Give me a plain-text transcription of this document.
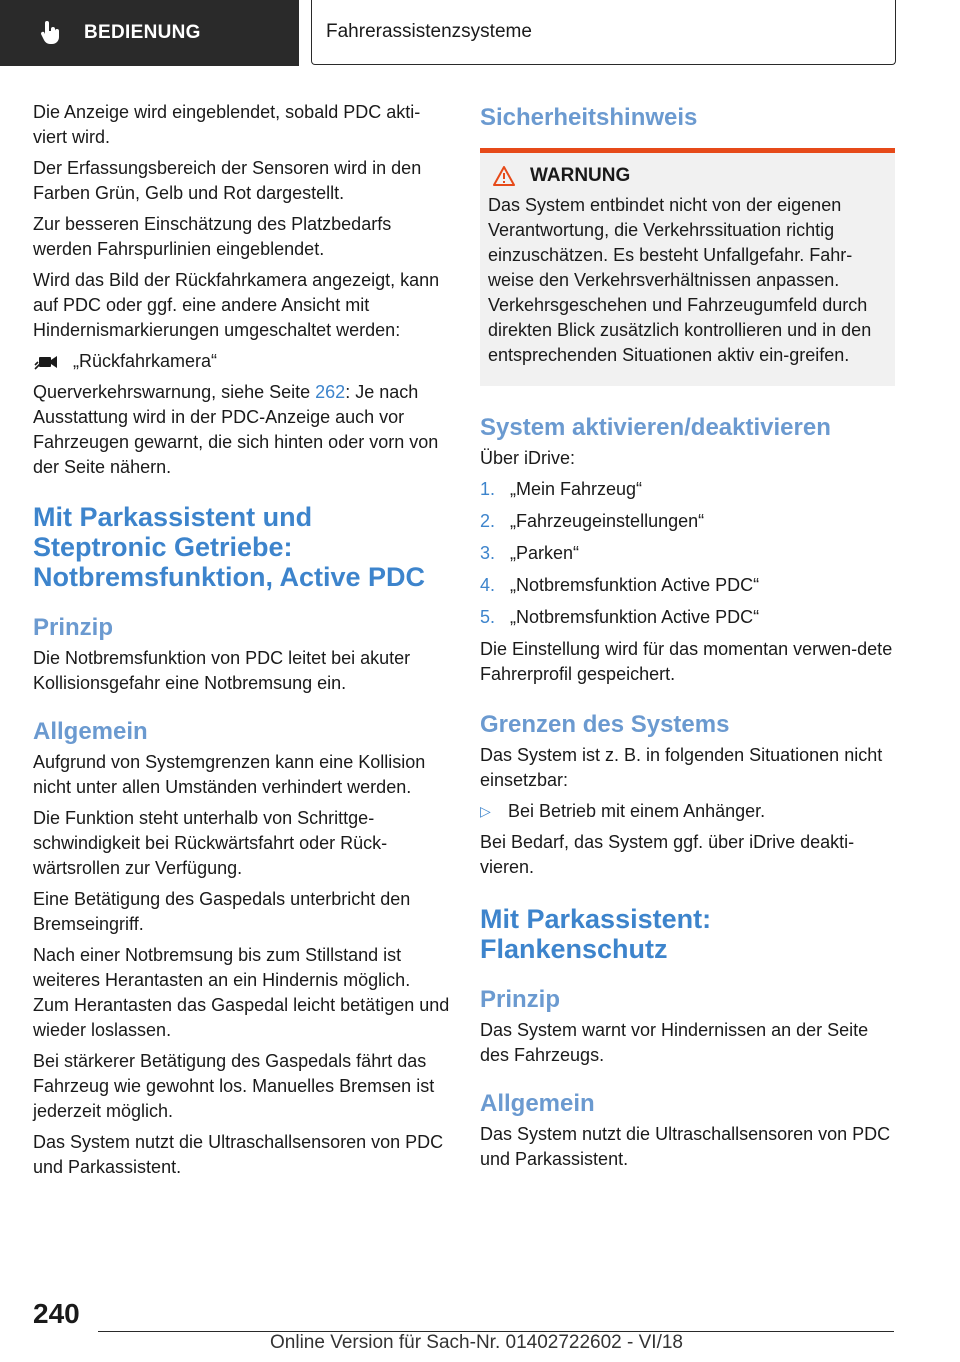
BEDIENUNG	Fahrerassistenzsysteme

Die Anzeige wird eingeblendet, sobald PDC akti-viert wird.

Der Erfassungsbereich der Sensoren wird in den Farben Grün, Gelb und Rot dargestellt.

Zur besseren Einschätzung des Platzbedarfs werden Fahrspurlinien eingeblendet.

Wird das Bild der Rückfahrkamera angezeigt, kann auf PDC oder ggf. eine andere Ansicht mit Hindernismarkierungen umgeschaltet werden:

„Rückfahrkamera“

Querverkehrswarnung, siehe Seite 262: Je nach Ausstattung wird in der PDC-Anzeige auch vor Fahrzeugen gewarnt, die sich hinten oder vorn von der Seite nähern.

Mit Parkassistent und Steptronic Getriebe: Notbremsfunktion, Active PDC
Prinzip

Die Notbremsfunktion von PDC leitet bei akuter Kollisionsgefahr eine Notbremsung ein.

Allgemein

Aufgrund von Systemgrenzen kann eine Kollision nicht unter allen Umständen verhindert werden.

Die Funktion steht unterhalb von Schrittge-schwindigkeit bei Rückwärtsfahrt oder Rück-wärtsrollen zur Verfügung.

Eine Betätigung des Gaspedals unterbricht den Bremseingriff.

Nach einer Notbremsung bis zum Stillstand ist weiteres Herantasten an ein Hindernis möglich. Zum Herantasten das Gaspedal leicht betätigen und wieder loslassen.

Bei stärkerer Betätigung des Gaspedals fährt das Fahrzeug wie gewohnt los. Manuelles Bremsen ist jederzeit möglich.

Das System nutzt die Ultraschallsensoren von PDC und Parkassistent.

Sicherheitshinweis
WARNUNG

Das System entbindet nicht von der eigenen Verantwortung, die Verkehrssituation richtig einzuschätzen. Es besteht Unfallgefahr. Fahr-weise den Verkehrsverhältnissen anpassen. Verkehrsgeschehen und Fahrzeugumfeld durch direkten Blick zusätzlich kontrollieren und in den entsprechenden Situationen aktiv ein-greifen.

System aktivieren/deaktivieren

Über iDrive:

1. „Mein Fahrzeug“
2. „Fahrzeugeinstellungen“
3. „Parken“
4. „Notbremsfunktion Active PDC“
5. „Notbremsfunktion Active PDC“

Die Einstellung wird für das momentan verwen-dete Fahrerprofil gespeichert.

Grenzen des Systems

Das System ist z. B. in folgenden Situationen nicht einsetzbar:

▷ Bei Betrieb mit einem Anhänger.

Bei Bedarf, das System ggf. über iDrive deakti-vieren.

Mit Parkassistent: Flankenschutz
Prinzip

Das System warnt vor Hindernissen an der Seite des Fahrzeugs.

Allgemein

Das System nutzt die Ultraschallsensoren von PDC und Parkassistent.

240
Online Version für Sach-Nr. 01402722602 - VI/18
